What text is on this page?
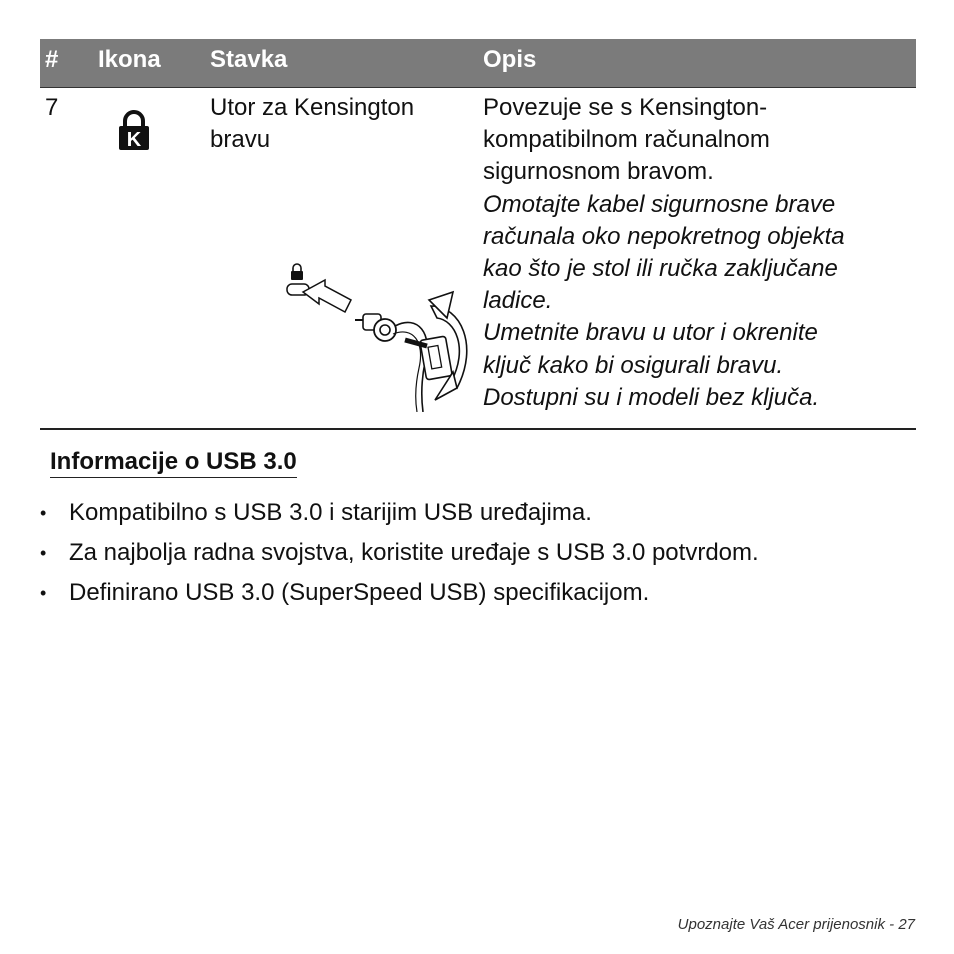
# Ikona Stavka	Opis
7
K
Utor za Kensington
bravu
Povezuje se s Kensington-
kompatibilnom računalnom
sigurnosnom bravom.
Omotajte kabel sigurnosne brave
računala oko nepokretnog objekta
kao što je stol ili ručka zaključane
ladice.
Umetnite bravu u utor i okrenite
ključ kako bi osigurali bravu.
Dostupni su i modeli bez ključa.
Informacije o USB 3.0
• Kompatibilno s USB 3.0 i starijim USB uređajima.
• Za najbolja radna svojstva, koristite uređaje s USB 3.0 potvrdom.
• Definirano USB 3.0 (SuperSpeed USB) specifikacijom.
Upoznajte Vaš Acer prijenosnik - 27
